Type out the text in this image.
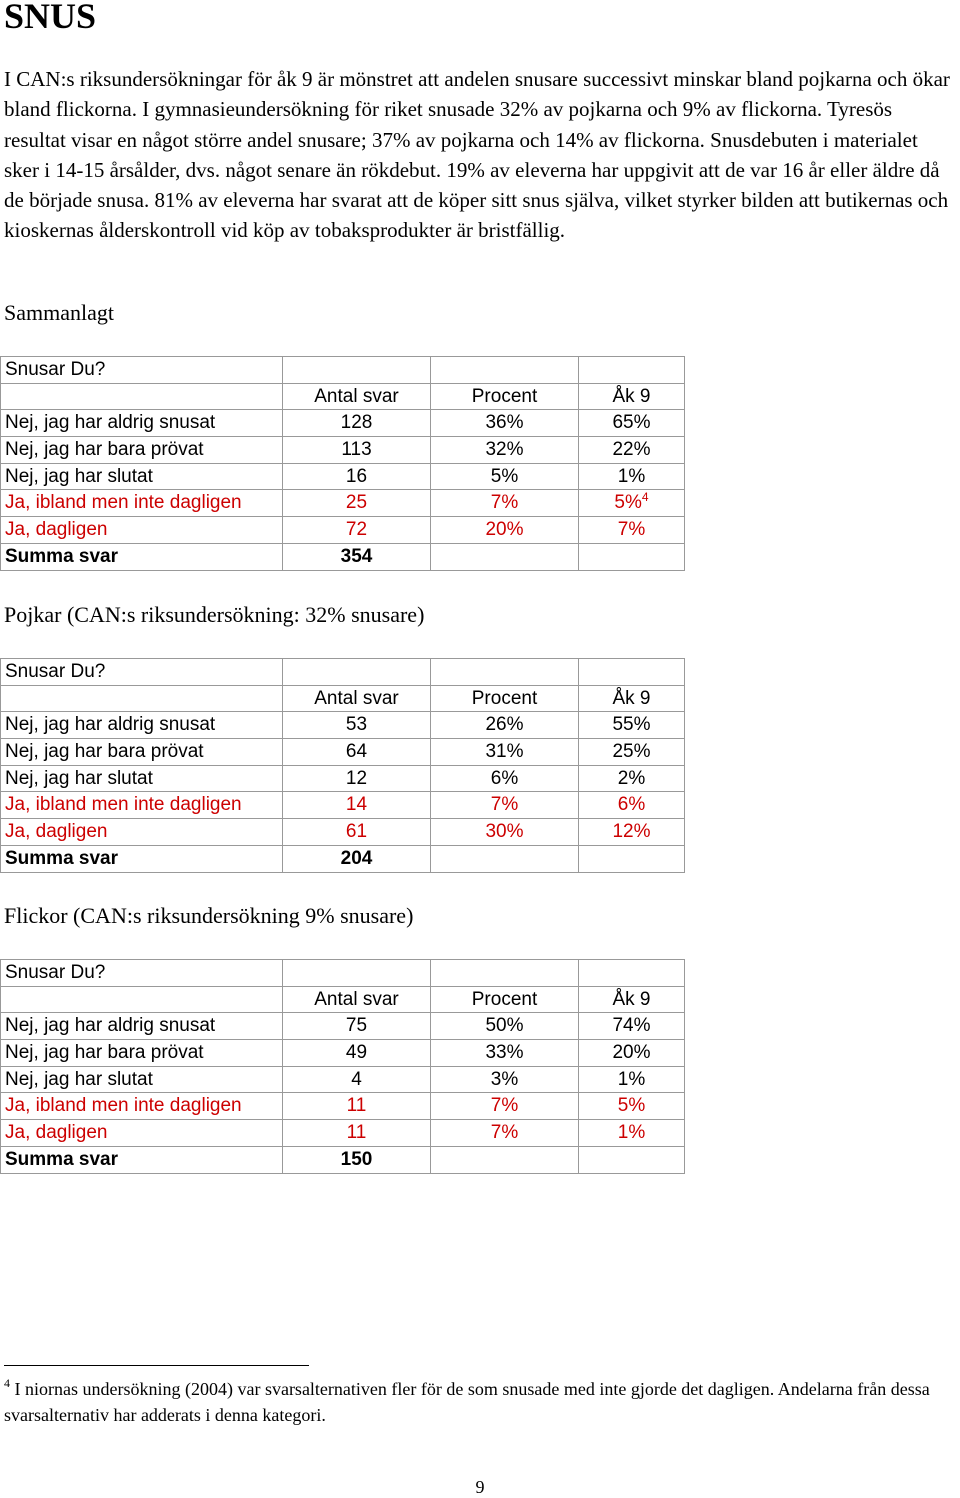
SNUS

I CAN:s riksundersökningar för åk 9 är mönstret att andelen snusare successivt minskar bland pojkarna och ökar bland flickorna. I gymnasieundersökning för riket snusade 32% av pojkarna och 9% av flickorna. Tyresös resultat visar en något större andel snusare; 37% av pojkarna och 14% av flickorna. Snusdebuten i materialet sker i 14-15 årsålder, dvs. något senare än rökdebut. 19% av eleverna har uppgivit att de var 16 år eller äldre då de började snusa. 81% av eleverna har svarat att de köper sitt snus själva, vilket styrker bilden att butikernas och kioskernas ålderskontroll vid köp av tobaksprodukter är bristfällig.

Sammanlagt
Snusar Du?			
	Antal svar	Procent	Åk 9
Nej, jag har aldrig snusat	128	36%	65%
Nej, jag har bara prövat	113	32%	22%
Nej, jag har slutat	16	5%	1%
Ja, ibland men inte dagligen	25	7%	5%$^4$
Ja, dagligen	72	20%	7%
Summa svar	354		
Pojkar (CAN:s riksundersökning: 32% snusare)
Snusar Du?			
	Antal svar	Procent	Åk 9
Nej, jag har aldrig snusat	53	26%	55%
Nej, jag har bara prövat	64	31%	25%
Nej, jag har slutat	12	6%	2%
Ja, ibland men inte dagligen	14	7%	6%
Ja, dagligen	61	30%	12%
Summa svar	204		
Flickor (CAN:s riksundersökning 9% snusare)
Snusar Du?			
	Antal svar	Procent	Åk 9
Nej, jag har aldrig snusat	75	50%	74%
Nej, jag har bara prövat	49	33%	20%
Nej, jag har slutat	4	3%	1%
Ja, ibland men inte dagligen	11	7%	5%
Ja, dagligen	11	7%	1%
Summa svar	150		

$^4$ I niornas undersökning (2004) var svarsalternativen fler för de som snusade med inte gjorde det dagligen. Andelarna från dessa svarsalternativ har adderats i denna kategori.

9
